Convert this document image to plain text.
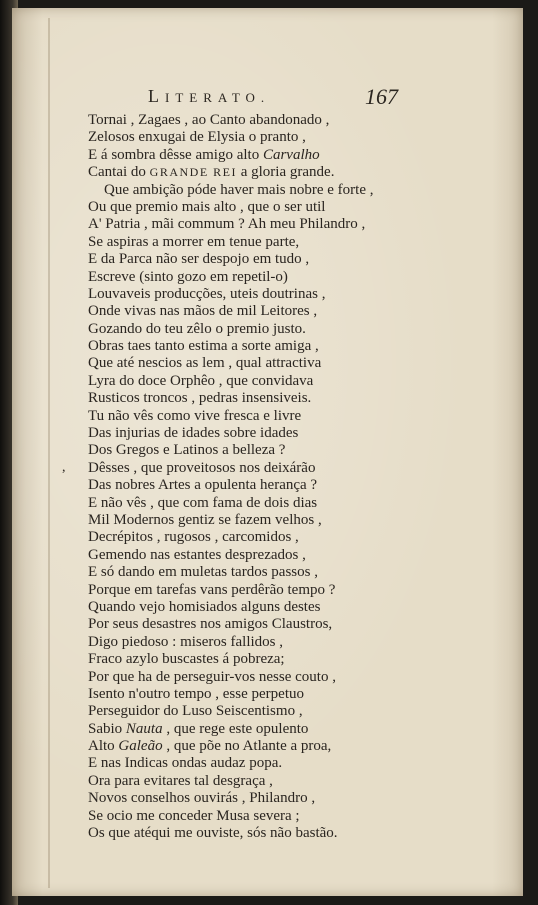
LITERATO.	167
,
Tornai , Zagaes , ao Canto abandonado ,
Zelosos enxugai de Elysia o pranto ,
E á sombra dêsse amigo alto Carvalho
Cantai do GRANDE REI a gloria grande.
Que ambição póde haver mais nobre e forte ,
Ou que premio mais alto , que o ser util
A' Patria , mãi commum ? Ah meu Philandro ,
Se aspiras a morrer em tenue parte,
E da Parca não ser despojo em tudo ,
Escreve (sinto gozo em repetil-o)
Louvaveis producções, uteis doutrinas ,
Onde vivas nas mãos de mil Leitores ,
Gozando do teu zêlo o premio justo.
Obras taes tanto estima a sorte amiga ,
Que até nescios as lem , qual attractiva
Lyra do doce Orphêo , que convidava
Rusticos troncos , pedras insensiveis.
Tu não vês como vive fresca e livre
Das injurias de idades sobre idades
Dos Gregos e Latinos a belleza ?
Dêsses , que proveitosos nos deixárão
Das nobres Artes a opulenta herança ?
E não vês , que com fama de dois dias
Mil Modernos gentiz se fazem velhos ,
Decrépitos , rugosos , carcomidos ,
Gemendo nas estantes desprezados ,
E só dando em muletas tardos passos ,
Porque em tarefas vans perdêrão tempo ?
Quando vejo homisiados alguns destes
Por seus desastres nos amigos Claustros,
Digo piedoso : miseros fallidos ,
Fraco azylo buscastes á pobreza;
Por que ha de perseguir-vos nesse couto ,
Isento n'outro tempo , esse perpetuo
Perseguidor do Luso Seiscentismo ,
Sabio Nauta , que rege este opulento
Alto Galeão , que põe no Atlante a proa,
E nas Indicas ondas audaz popa.
Ora para evitares tal desgraça ,
Novos conselhos ouvirás , Philandro ,
Se ocio me conceder Musa severa ;
Os que atéqui me ouviste, sós não bastão.
